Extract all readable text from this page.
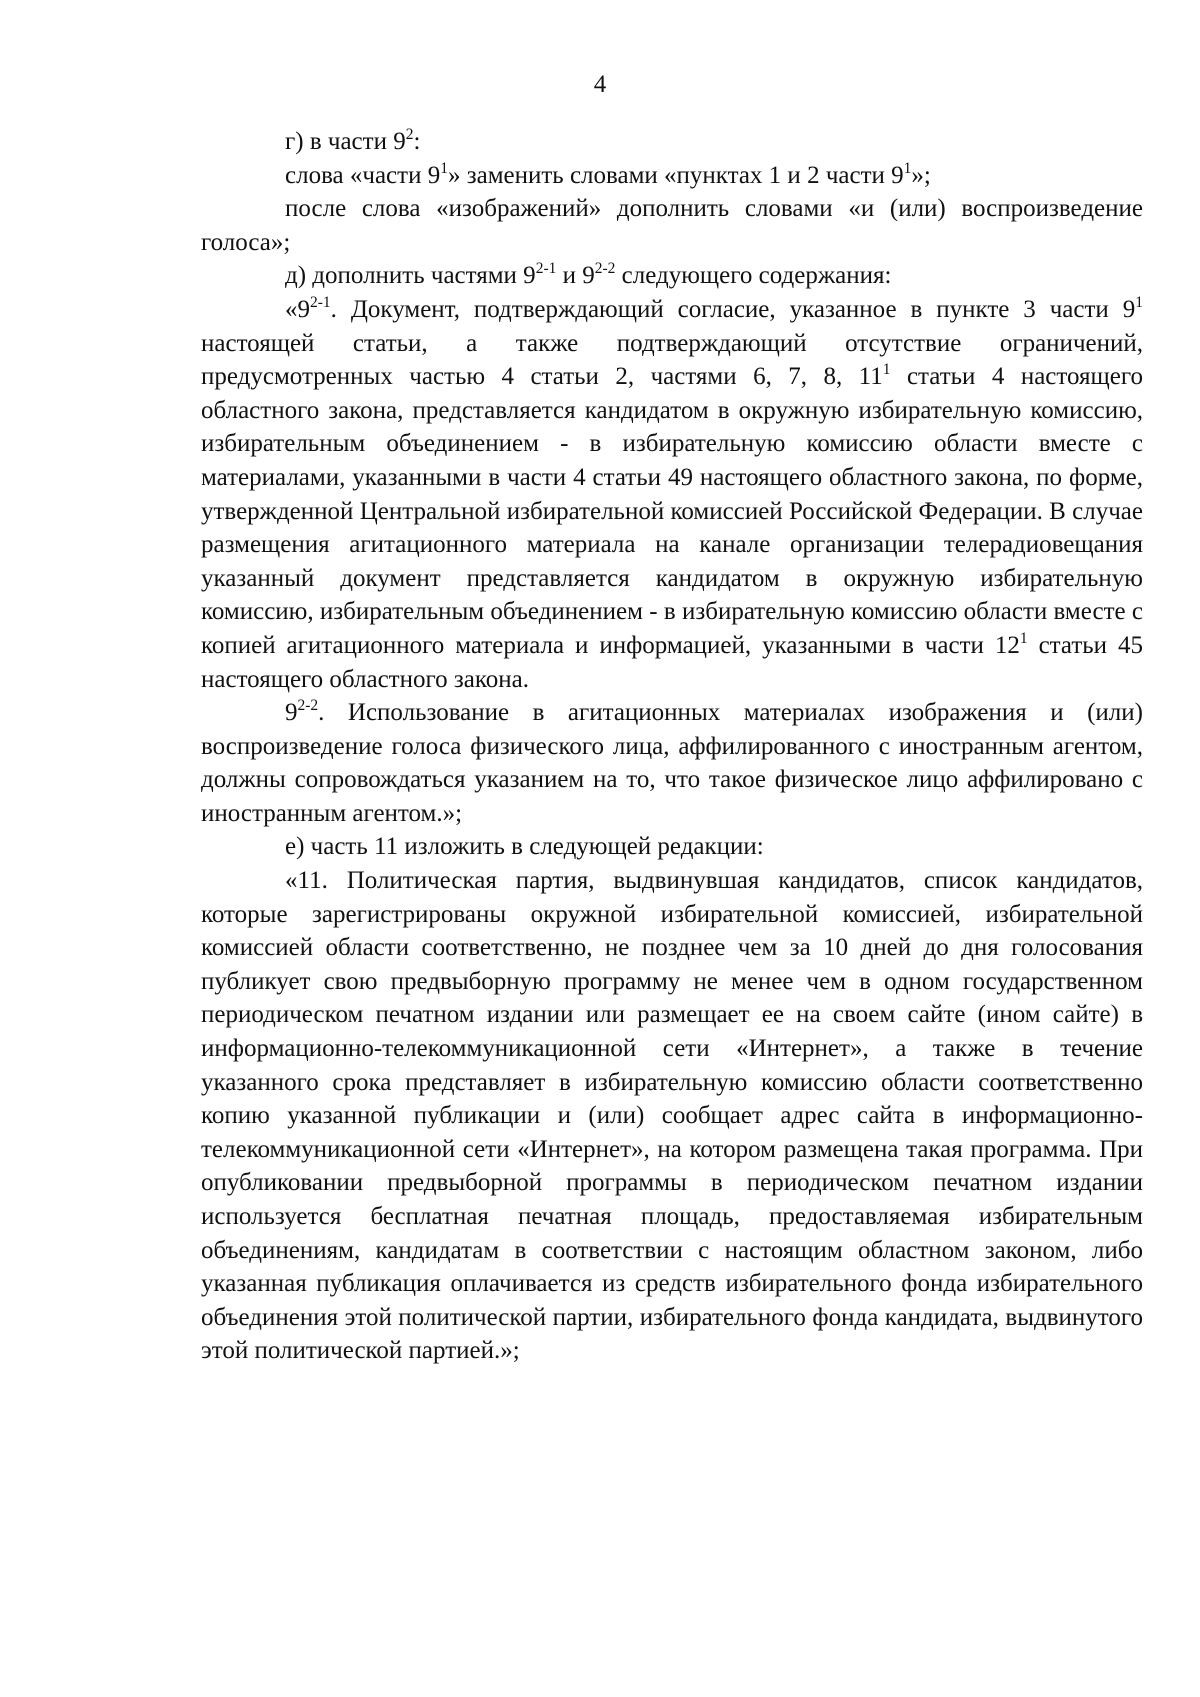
4

г) в части $9^2$:

слова «части $9^1$» заменить словами «пунктах 1 и 2 части $9^1$»;

после слова «изображений» дополнить словами «и (или) воспроизведение голоса»;

д) дополнить частями 9$^{2-1}$ и 9$^{2-2}$ следующего содержания:

«9$^{2-1}$. Документ, подтверждающий согласие, указанное в пункте 3 части $9^1$ настоящей статьи, а также подтверждающий отсутствие ограничений, предусмотренных частью 4 статьи 2, частями 6, 7, 8, $11^1$ статьи 4 настоящего областного закона, представляется кандидатом в окружную избирательную комиссию, избирательным объединением - в избирательную комиссию области вместе с материалами, указанными в части 4 статьи 49 настоящего областного закона, по форме, утвержденной Центральной избирательной комиссией Российской Федерации. В случае размещения агитационного материала на канале организации телерадиовещания указанный документ представляется кандидатом в окружную избирательную комиссию, избирательным объединением - в избирательную комиссию области вместе с копией агитационного материала и информацией, указанными в части $12^1$ статьи 45 настоящего областного закона.

9$^{2-2}$. Использование в агитационных материалах изображения и (или) воспроизведение голоса физического лица, аффилированного с иностранным агентом, должны сопровождаться указанием на то, что такое физическое лицо аффилировано с иностранным агентом.»;

е) часть 11 изложить в следующей редакции:

«11. Политическая партия, выдвинувшая кандидатов, список кандидатов, которые зарегистрированы окружной избирательной комиссией, избирательной комиссией области соответственно, не позднее чем за 10 дней до дня голосования публикует свою предвыборную программу не менее чем в одном государственном периодическом печатном издании или размещает ее на своем сайте (ином сайте) в информационно-телекоммуникационной сети «Интернет», а также в течение указанного срока представляет в избирательную комиссию области соответственно копию указанной публикации и (или) сообщает адрес сайта в информационно-телекоммуникационной сети «Интернет», на котором размещена такая программа. При опубликовании предвыборной программы в периодическом печатном издании используется бесплатная печатная площадь, предоставляемая избирательным объединениям, кандидатам в соответствии с настоящим областном законом, либо указанная публикация оплачивается из средств избирательного фонда избирательного объединения этой политической партии, избирательного фонда кандидата, выдвинутого этой политической партией.»;
